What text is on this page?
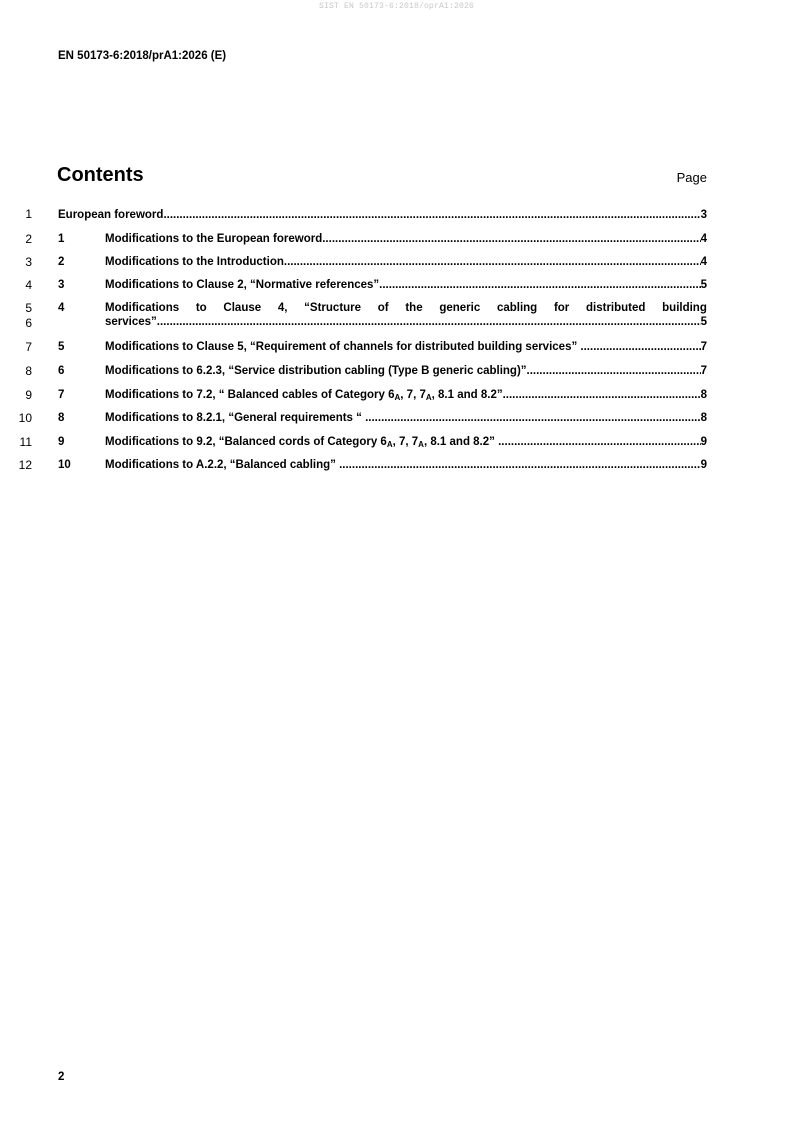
SIST EN 50173-6:2018/oprA1:2026
EN 50173-6:2018/prA1:2026 (E)
Contents	Page
1
2
3
4
5
6
7
8
9
10
11
12
European foreword .....	3
1	Modifications to the European foreword .....	4
2	Modifications to the Introduction .....	4
3	Modifications to Clause 2, “Normative references” .....	5
4	Modifications to Clause 4, “Structure of the generic cabling for distributed building
services” .....	5
5	Modifications to Clause 5, “Requirement of channels for distributed building services” .....	7
6	Modifications to 6.2.3, “Service distribution cabling (Type B generic cabling)” .....	7
7	Modifications to 7.2, “ Balanced cables of Category $6_A$, 7, $7_A$, 8.1 and 8.2” .....	8
8	Modifications to 8.2.1, “General requirements “ .....	8
9	Modifications to 9.2, “Balanced cords of Category $6_A$, 7, $7_A$, 8.1 and 8.2” .....	9
10	Modifications to A.2.2, “Balanced cabling” .....	9
2
